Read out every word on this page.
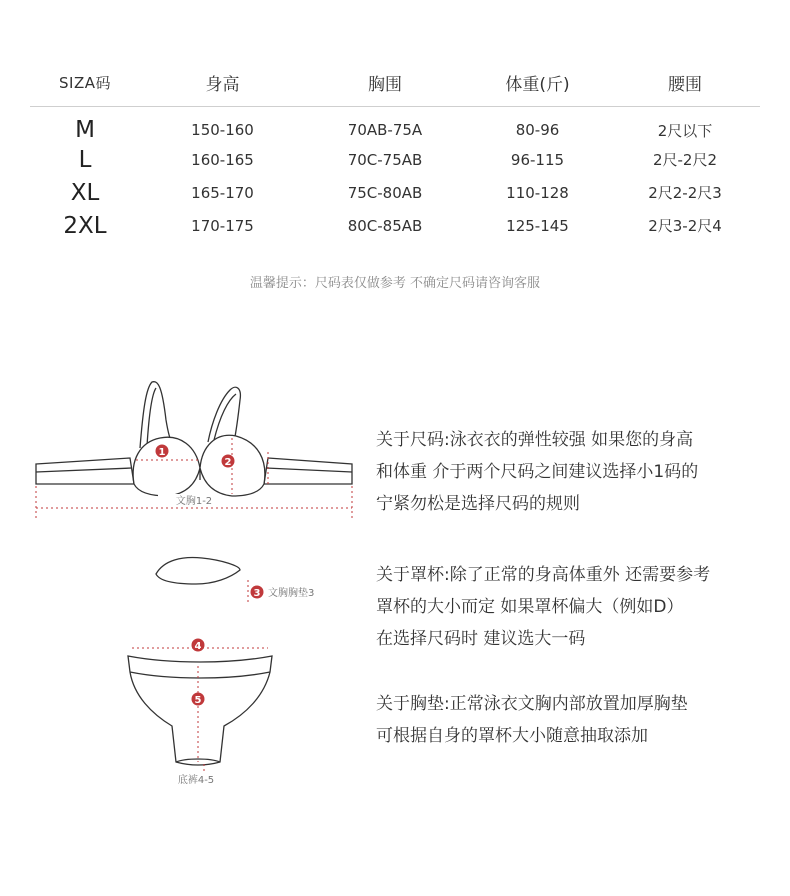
SIZA码	身高	胸围	体重(斤)	腰围
M	150-160	70AB-75A	80-96	2尺以下
L	160-165	70C-75AB	96-115	2尺-2尺2
XL	165-170	75C-80AB	110-128	2尺2-2尺3
2XL	170-175	80C-85AB	125-145	2尺3-2尺4
温馨提示：尺码表仅做参考 不确定尺码请咨询客服
1
2
文胸1-2
3 文胸胸垫3
4
5
底裤4-5

关于尺码:泳衣衣的弹性较强 如果您的身高

和体重 介于两个尺码之间建议选择小1码的

宁紧勿松是选择尺码的规则

关于罩杯:除了正常的身高体重外 还需要参考

罩杯的大小而定 如果罩杯偏大（例如D）

在选择尺码时 建议选大一码

关于胸垫:正常泳衣文胸内部放置加厚胸垫

可根据自身的罩杯大小随意抽取添加
